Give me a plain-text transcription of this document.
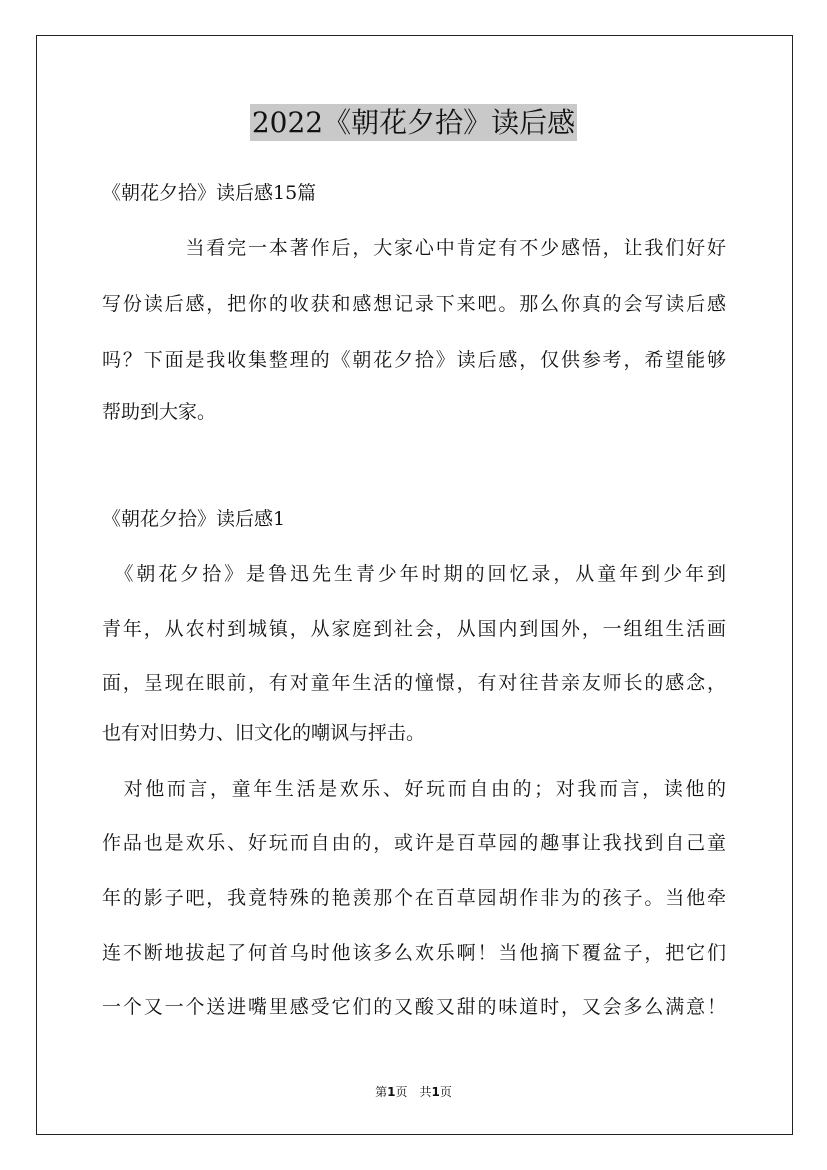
2022《朝花夕拾》读后感
《朝花夕拾》读后感15篇
　　　　当看完一本著作后，大家心中肯定有不少感悟，让我们好好
写份读后感，把你的收获和感想记录下来吧。那么你真的会写读后感
吗？下面是我收集整理的《朝花夕拾》读后感，仅供参考，希望能够
帮助到大家。
《朝花夕拾》读后感1
　《朝花夕拾》是鲁迅先生青少年时期的回忆录，从童年到少年到
青年，从农村到城镇，从家庭到社会，从国内到国外，一组组生活画
面，呈现在眼前，有对童年生活的憧憬，有对往昔亲友师长的感念，
也有对旧势力、旧文化的嘲讽与抨击。
　对他而言，童年生活是欢乐、好玩而自由的；对我而言，读他的
作品也是欢乐、好玩而自由的，或许是百草园的趣事让我找到自己童
年的影子吧，我竟特殊的艳羡那个在百草园胡作非为的孩子。当他牵
连不断地拔起了何首乌时他该多么欢乐啊！当他摘下覆盆子，把它们
一个又一个送进嘴里感受它们的又酸又甜的味道时，又会多么满意！
第1页　共1页
